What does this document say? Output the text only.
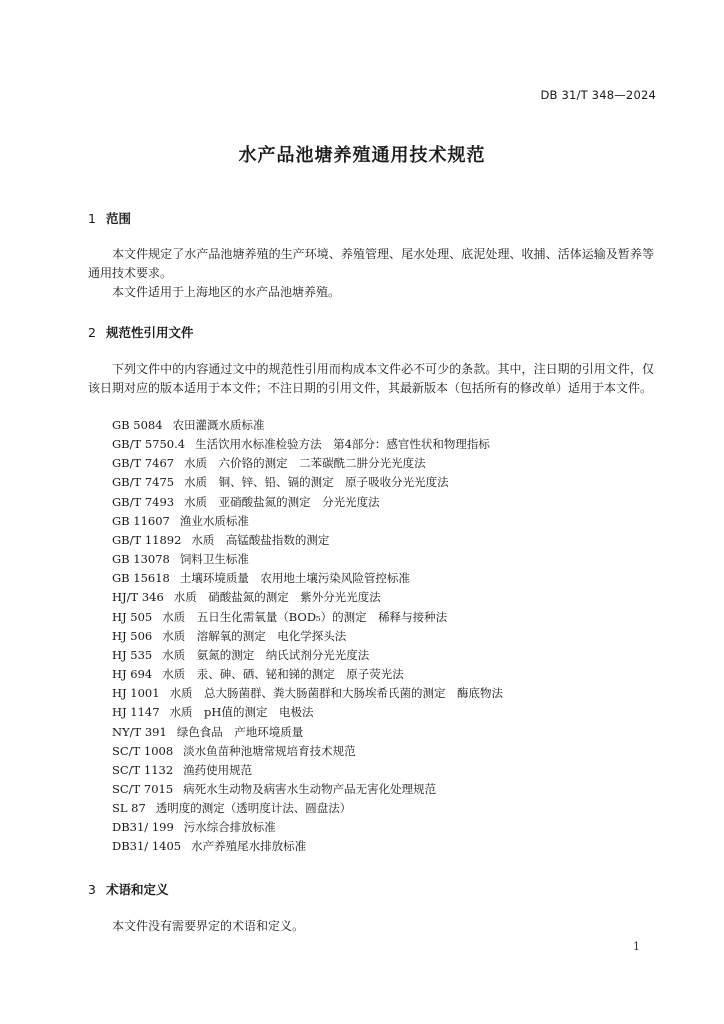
DB 31/T 348—2024
水产品池塘养殖通用技术规范
1 范围
本文件规定了水产品池塘养殖的生产环境、养殖管理、尾水处理、底泥处理、收捕、活体运输及暂养等通用技术要求。
本文件适用于上海地区的水产品池塘养殖。
2 规范性引用文件
下列文件中的内容通过文中的规范性引用而构成本文件必不可少的条款。其中，注日期的引用文件，仅该日期对应的版本适用于本文件；不注日期的引用文件，其最新版本（包括所有的修改单）适用于本文件。
GB 5084 农田灌溉水质标准
GB/T 5750.4 生活饮用水标准检验方法　第4部分：感官性状和物理指标
GB/T 7467 水质　六价铬的测定　二苯碳酰二肼分光光度法
GB/T 7475 水质　铜、锌、铅、镉的测定　原子吸收分光光度法
GB/T 7493 水质　亚硝酸盐氮的测定　分光光度法
GB 11607 渔业水质标准
GB/T 11892 水质　高锰酸盐指数的测定
GB 13078 饲料卫生标准
GB 15618 土壤环境质量　农用地土壤污染风险管控标准
HJ/T 346 水质　硝酸盐氮的测定　紫外分光光度法
HJ 505 水质　五日生化需氧量（BOD₅）的测定　稀释与接种法
HJ 506 水质　溶解氧的测定　电化学探头法
HJ 535 水质　氨氮的测定　纳氏试剂分光光度法
HJ 694 水质　汞、砷、硒、铋和锑的测定　原子荧光法
HJ 1001 水质　总大肠菌群、粪大肠菌群和大肠埃希氏菌的测定　酶底物法
HJ 1147 水质　pH值的测定　电极法
NY/T 391 绿色食品　产地环境质量
SC/T 1008 淡水鱼苗种池塘常规培育技术规范
SC/T 1132 渔药使用规范
SC/T 7015 病死水生动物及病害水生动物产品无害化处理规范
SL 87 透明度的测定（透明度计法、圆盘法）
DB31/ 199 污水综合排放标准
DB31/ 1405 水产养殖尾水排放标准
3 术语和定义
本文件没有需要界定的术语和定义。
1
